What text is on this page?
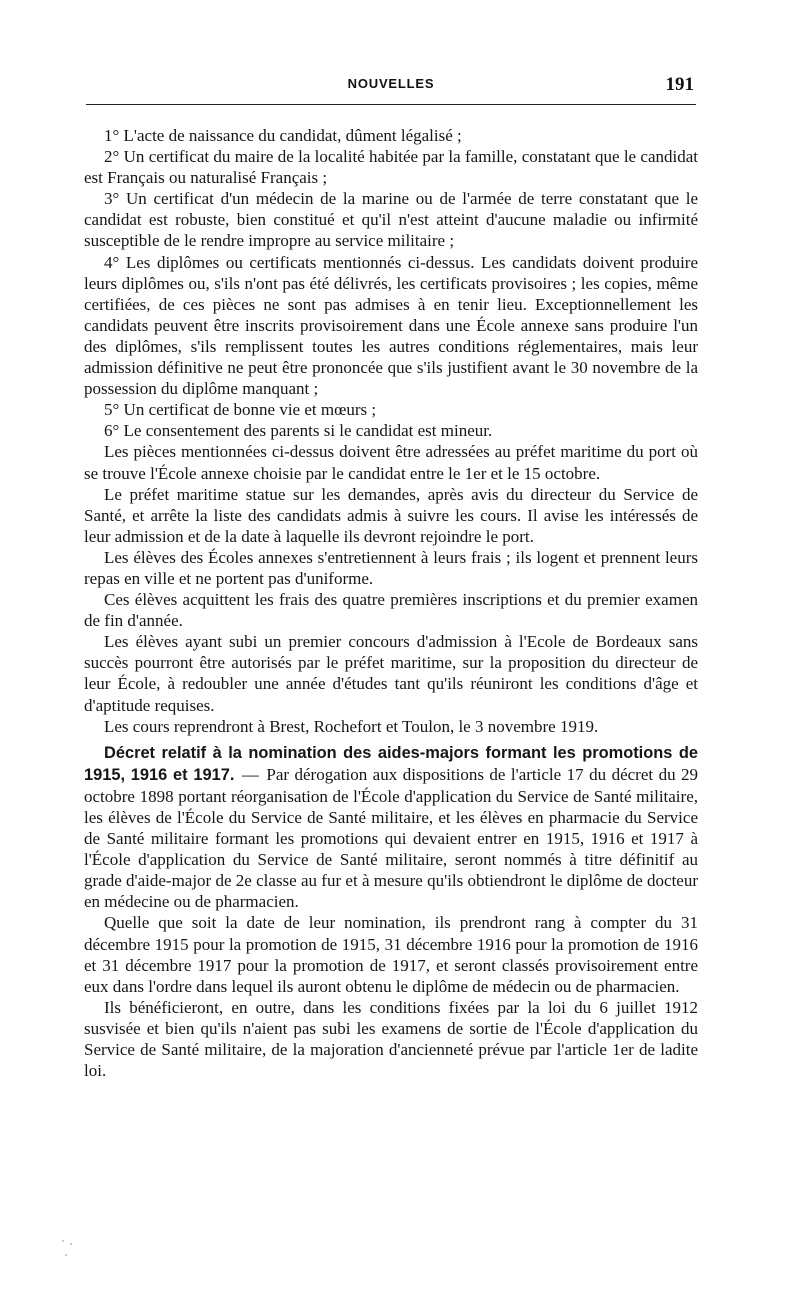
NOUVELLES	191

1° L'acte de naissance du candidat, dûment légalisé ;

2° Un certificat du maire de la localité habitée par la famille, constatant que le candidat est Français ou naturalisé Français ;

3° Un certificat d'un médecin de la marine ou de l'armée de terre constatant que le candidat est robuste, bien constitué et qu'il n'est atteint d'aucune maladie ou infirmité susceptible de le rendre impropre au service militaire ;

4° Les diplômes ou certificats mentionnés ci-dessus. Les candidats doivent produire leurs diplômes ou, s'ils n'ont pas été délivrés, les certificats provisoires ; les copies, même certifiées, de ces pièces ne sont pas admises à en tenir lieu. Exceptionnellement les candidats peuvent être inscrits provisoirement dans une École annexe sans produire l'un des diplômes, s'ils remplissent toutes les autres conditions réglementaires, mais leur admission définitive ne peut être prononcée que s'ils justifient avant le 30 novembre de la possession du diplôme manquant ;

5° Un certificat de bonne vie et mœurs ;

6° Le consentement des parents si le candidat est mineur.

Les pièces mentionnées ci-dessus doivent être adressées au préfet maritime du port où se trouve l'École annexe choisie par le candidat entre le 1er et le 15 octobre.

Le préfet maritime statue sur les demandes, après avis du directeur du Service de Santé, et arrête la liste des candidats admis à suivre les cours. Il avise les intéressés de leur admission et de la date à laquelle ils devront rejoindre le port.

Les élèves des Écoles annexes s'entretiennent à leurs frais ; ils logent et prennent leurs repas en ville et ne portent pas d'uniforme.

Ces élèves acquittent les frais des quatre premières inscriptions et du premier examen de fin d'année.

Les élèves ayant subi un premier concours d'admission à l'Ecole de Bordeaux sans succès pourront être autorisés par le préfet maritime, sur la proposition du directeur de leur École, à redoubler une année d'études tant qu'ils réuniront les conditions d'âge et d'aptitude requises.

Les cours reprendront à Brest, Rochefort et Toulon, le 3 novembre 1919.

Décret relatif à la nomination des aides-majors formant les promotions de 1915, 1916 et 1917. — Par dérogation aux dispositions de l'article 17 du décret du 29 octobre 1898 portant réorganisation de l'École d'application du Service de Santé militaire, les élèves de l'École du Service de Santé militaire, et les élèves en pharmacie du Service de Santé militaire formant les promotions qui devaient entrer en 1915, 1916 et 1917 à l'École d'application du Service de Santé militaire, seront nommés à titre définitif au grade d'aide-major de 2e classe au fur et à mesure qu'ils obtiendront le diplôme de docteur en médecine ou de pharmacien.

Quelle que soit la date de leur nomination, ils prendront rang à compter du 31 décembre 1915 pour la promotion de 1915, 31 décembre 1916 pour la promotion de 1916 et 31 décembre 1917 pour la promotion de 1917, et seront classés provisoirement entre eux dans l'ordre dans lequel ils auront obtenu le diplôme de médecin ou de pharmacien.

Ils bénéficieront, en outre, dans les conditions fixées par la loi du 6 juillet 1912 susvisée et bien qu'ils n'aient pas subi les examens de sortie de l'École d'application du Service de Santé militaire, de la majoration d'ancienneté prévue par l'article 1er de ladite loi.
